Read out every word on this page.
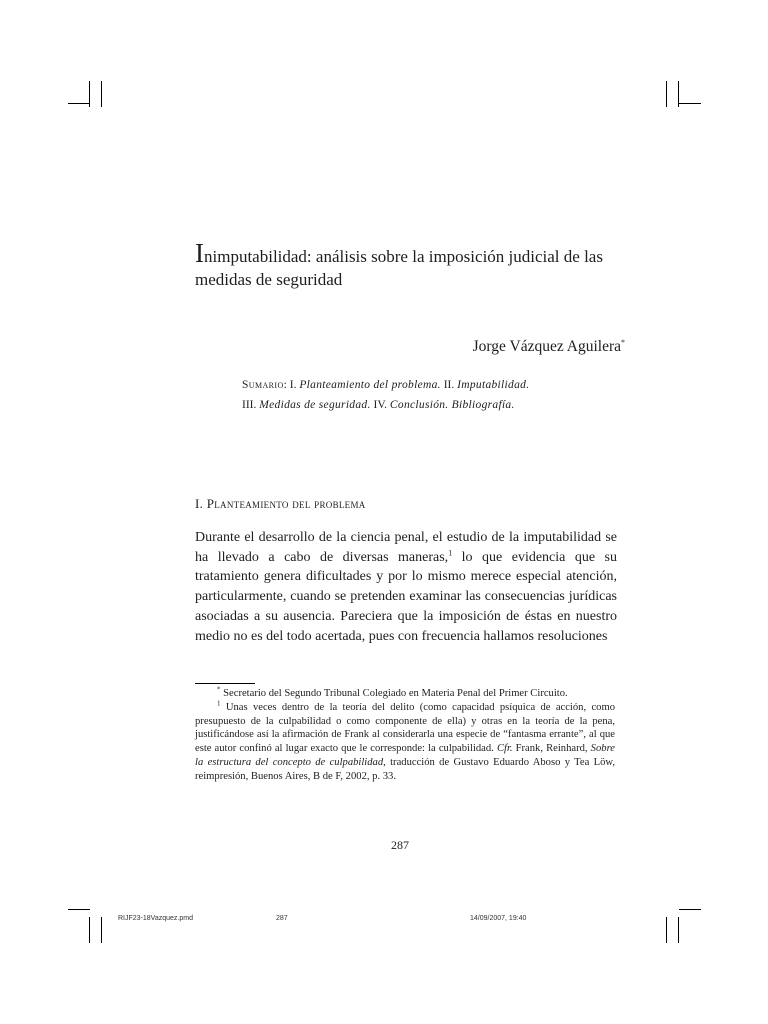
Inimputabilidad: análisis sobre la imposición judicial de las medidas de seguridad

Jorge Vázquez Aguilera*

Sumario: I. Planteamiento del problema. II. Imputabilidad.
III. Medidas de seguridad. IV. Conclusión. Bibliografía.

I. Planteamiento del problema

Durante el desarrollo de la ciencia penal, el estudio de la imputabilidad se ha llevado a cabo de diversas maneras,$^1$ lo que evidencia que su tratamiento genera dificultades y por lo mismo merece especial atención, particularmente, cuando se pretenden examinar las consecuencias jurídicas asociadas a su ausencia. Pareciera que la imposición de éstas en nuestro medio no es del todo acertada, pues con frecuencia hallamos resoluciones

* Secretario del Segundo Tribunal Colegiado en Materia Penal del Primer Circuito.

$^1$ Unas veces dentro de la teoría del delito (como capacidad psíquica de acción, como presupuesto de la culpabilidad o como componente de ella) y otras en la teoría de la pena, justificándose así la afirmación de Frank al considerarla una especie de “fantasma errante”, al que este autor confinó al lugar exacto que le corresponde: la culpabilidad. Cfr. Frank, Reinhard, Sobre la estructura del concepto de culpabilidad, traducción de Gustavo Eduardo Aboso y Tea Löw, reimpresión, Buenos Aires, B de F, 2002, p. 33.

287

RIJF23-18Vazquez.pmd	287	14/09/2007, 19:40
